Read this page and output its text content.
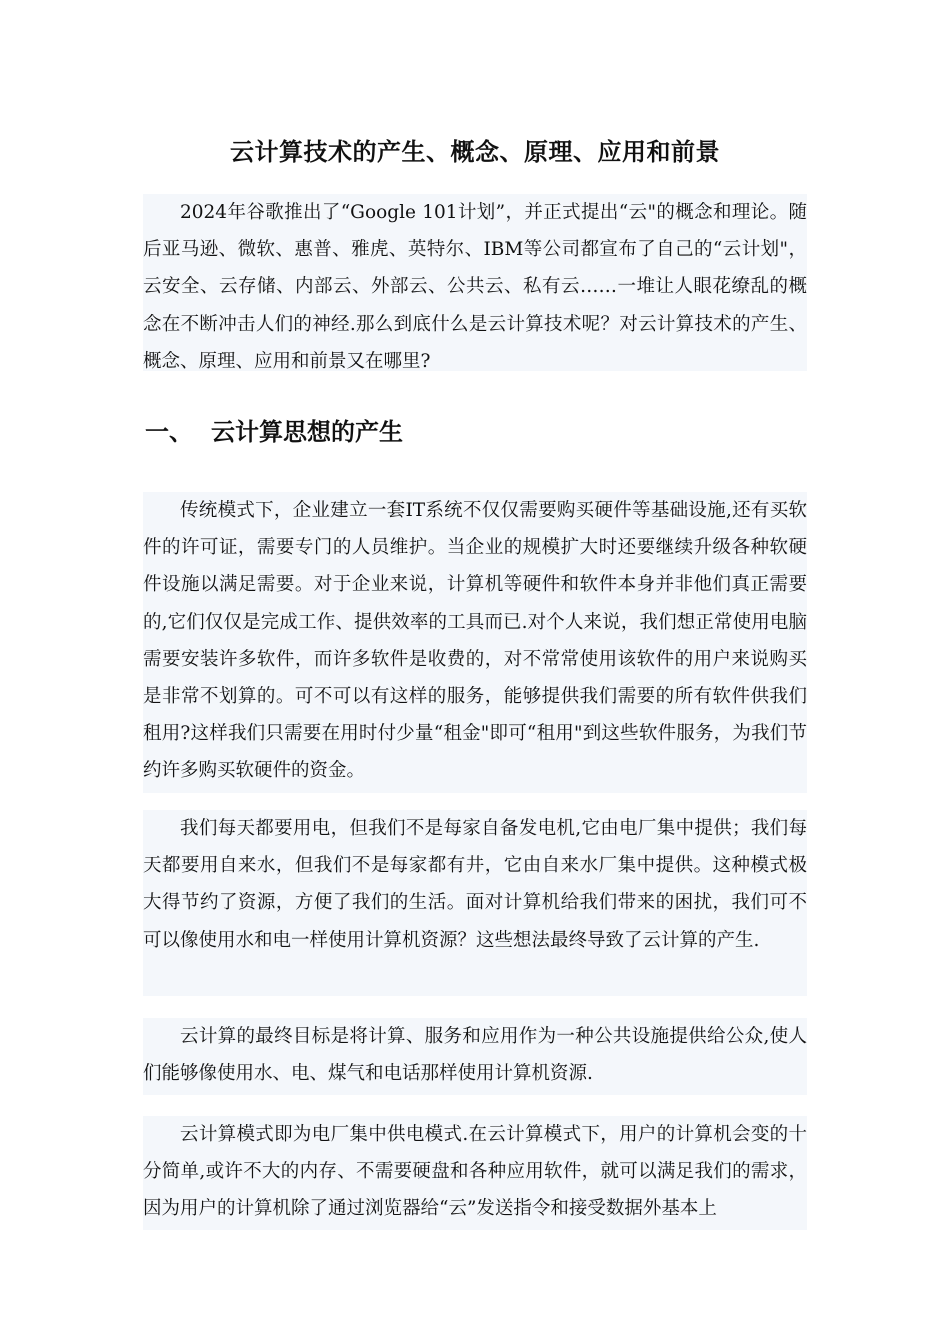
云计算技术的产生、概念、原理、应用和前景

2024年谷歌推出了“Google 101计划”，并正式提出“云"的概念和理论。随后亚马逊、微软、惠普、雅虎、英特尔、IBM等公司都宣布了自己的“云计划"，云安全、云存储、内部云、外部云、公共云、私有云……一堆让人眼花缭乱的概念在不断冲击人们的神经.那么到底什么是云计算技术呢？对云计算技术的产生、概念、原理、应用和前景又在哪里?

一、 云计算思想的产生

传统模式下，企业建立一套IT系统不仅仅需要购买硬件等基础设施,还有买软件的许可证，需要专门的人员维护。当企业的规模扩大时还要继续升级各种软硬件设施以满足需要。对于企业来说，计算机等硬件和软件本身并非他们真正需要的,它们仅仅是完成工作、提供效率的工具而已.对个人来说，我们想正常使用电脑需要安装许多软件，而许多软件是收费的，对不常常使用该软件的用户来说购买是非常不划算的。可不可以有这样的服务，能够提供我们需要的所有软件供我们租用?这样我们只需要在用时付少量“租金"即可“租用"到这些软件服务，为我们节约许多购买软硬件的资金。

我们每天都要用电，但我们不是每家自备发电机,它由电厂集中提供；我们每天都要用自来水，但我们不是每家都有井，它由自来水厂集中提供。这种模式极大得节约了资源，方便了我们的生活。面对计算机给我们带来的困扰，我们可不可以像使用水和电一样使用计算机资源？这些想法最终导致了云计算的产生.

云计算的最终目标是将计算、服务和应用作为一种公共设施提供给公众,使人们能够像使用水、电、煤气和电话那样使用计算机资源.

云计算模式即为电厂集中供电模式.在云计算模式下，用户的计算机会变的十分简单,或许不大的内存、不需要硬盘和各种应用软件，就可以满足我们的需求，因为用户的计算机除了通过浏览器给“云”发送指令和接受数据外基本上
